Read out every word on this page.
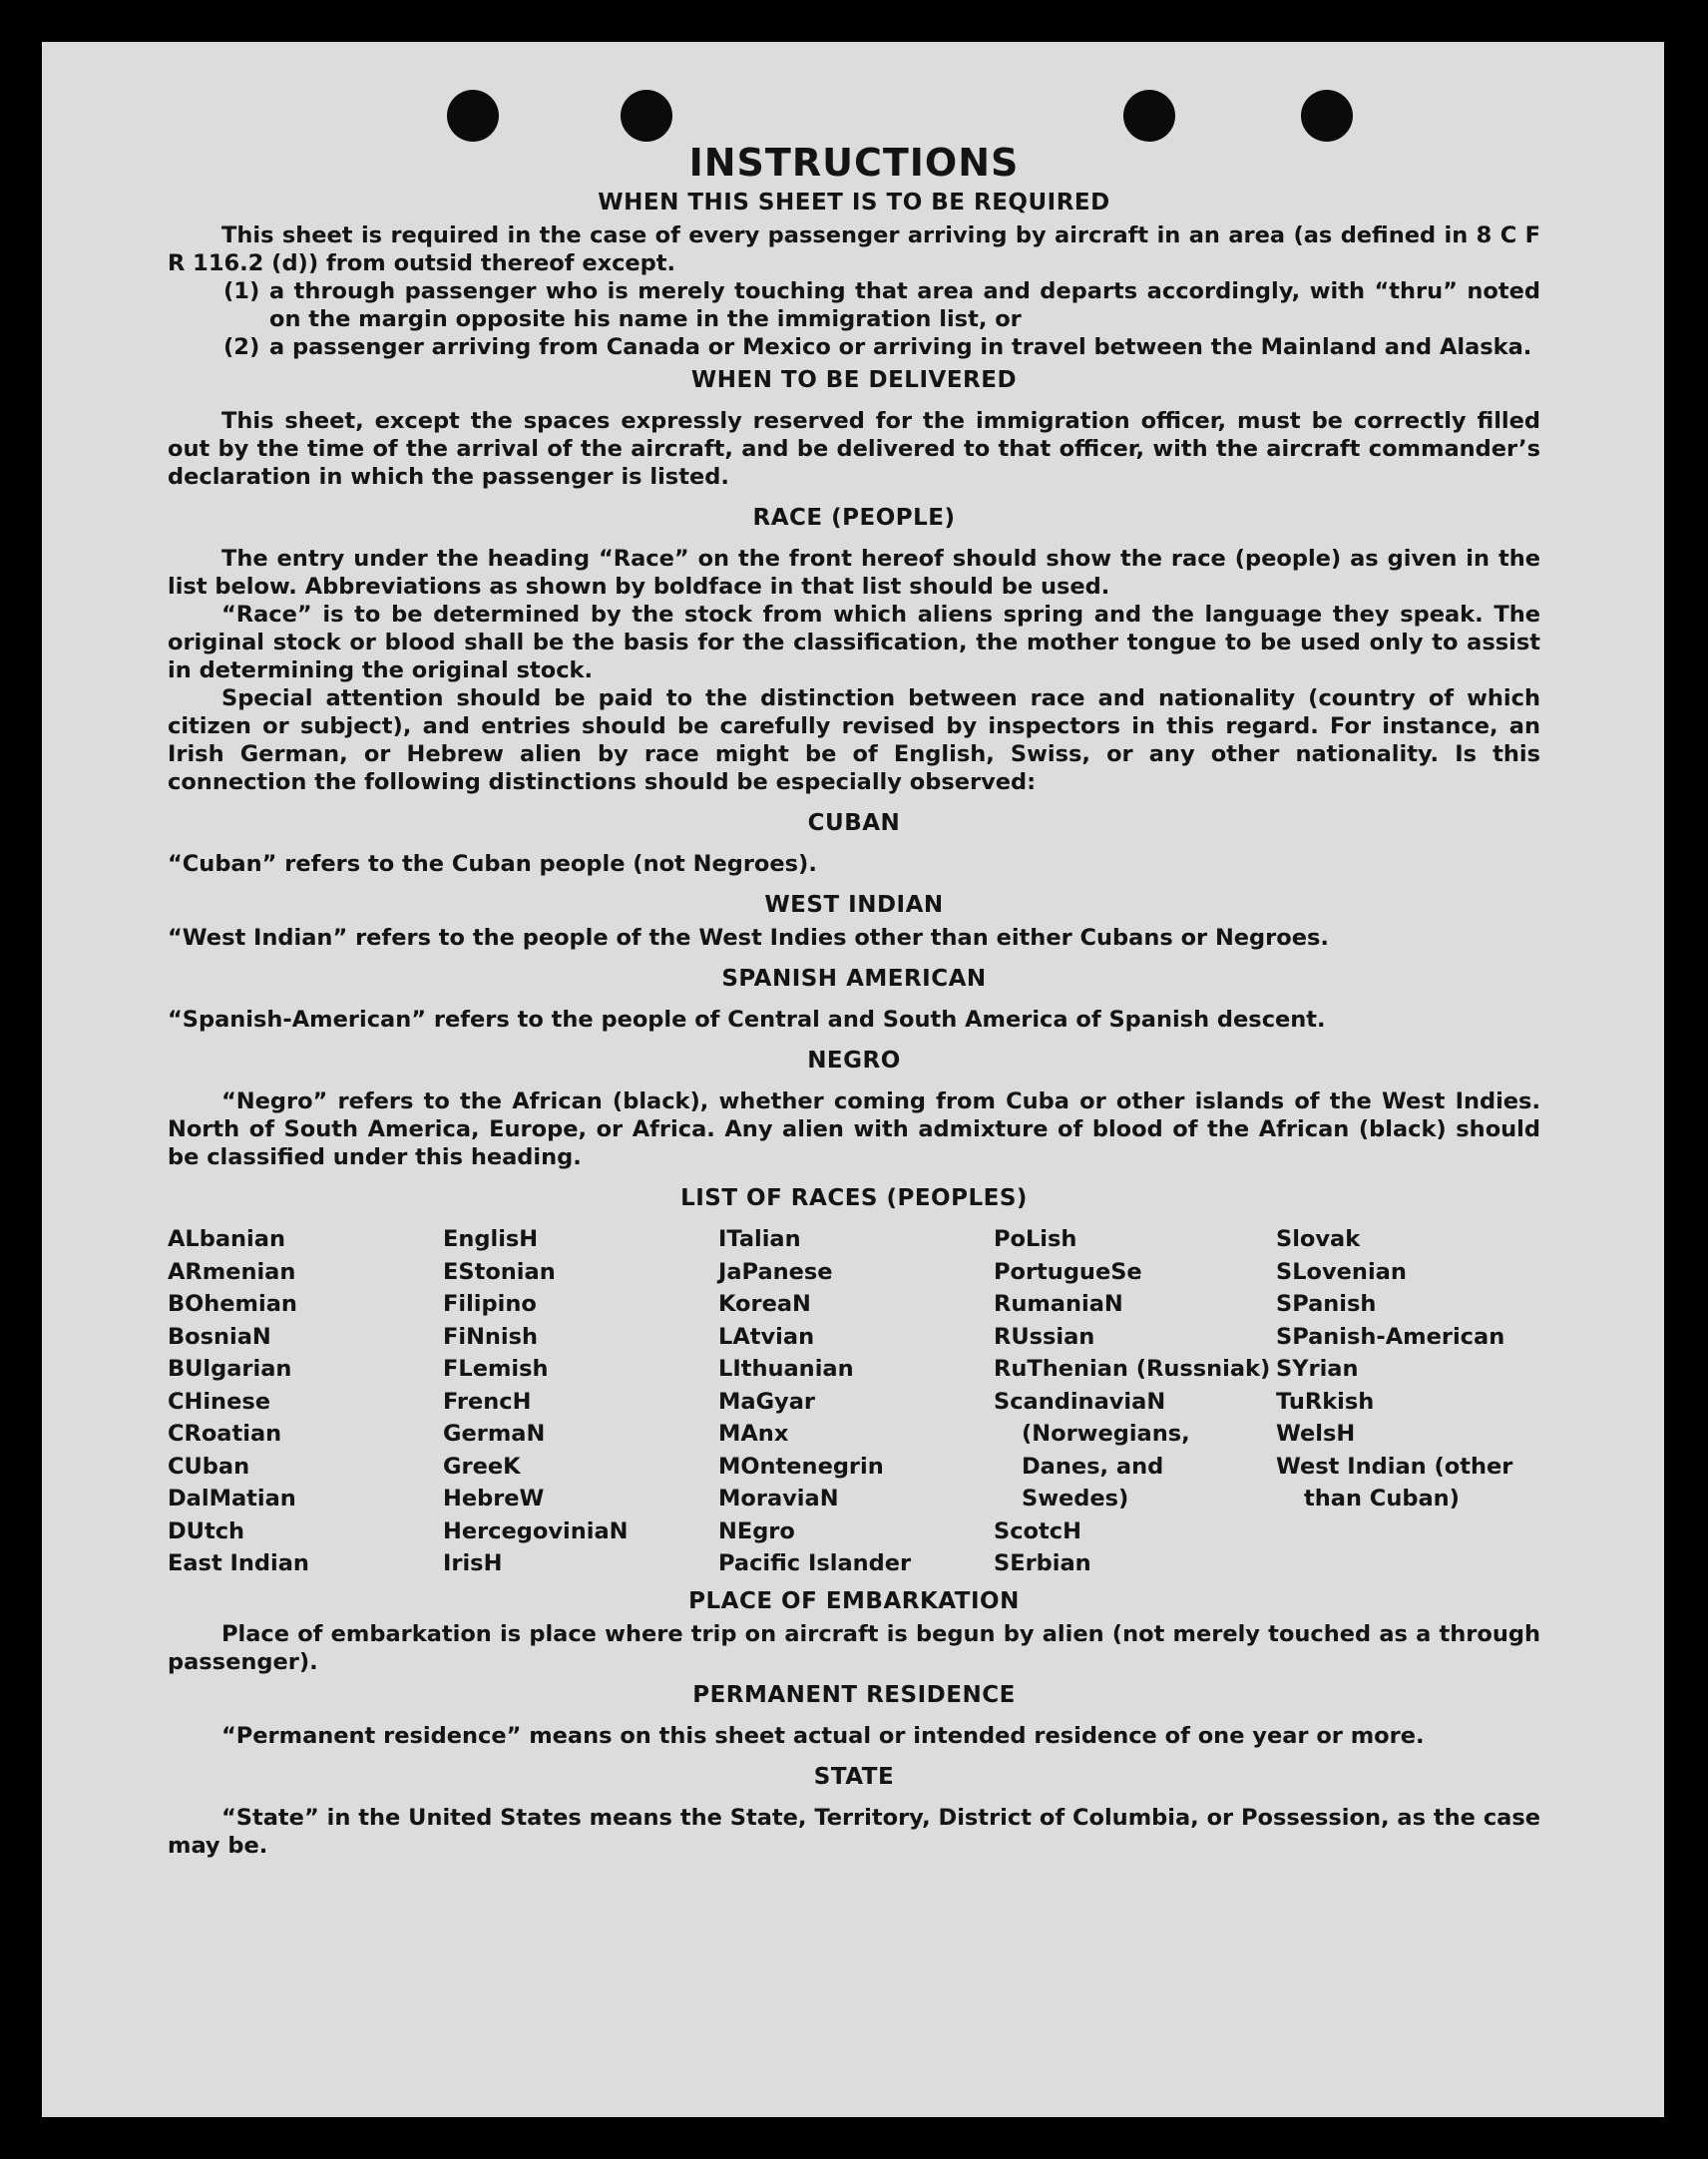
INSTRUCTIONS
WHEN THIS SHEET IS TO BE REQUIRED

This sheet is required in the case of every passenger arriving by aircraft in an area (as defined in 8 C F R 116.2 (d)) from outsid thereof except.

(1) a through passenger who is merely touching that area and departs accordingly, with “thru” noted on the margin opposite his name in the immigration list, or
(2) a passenger arriving from Canada or Mexico or arriving in travel between the Mainland and Alaska.
WHEN TO BE DELIVERED

This sheet, except the spaces expressly reserved for the immigration officer, must be correctly filled out by the time of the arrival of the aircraft, and be delivered to that officer, with the aircraft commander’s declaration in which the passenger is listed.

RACE (PEOPLE)

The entry under the heading “Race” on the front hereof should show the race (people) as given in the list below. Abbreviations as shown by boldface in that list should be used.

“Race” is to be determined by the stock from which aliens spring and the language they speak. The original stock or blood shall be the basis for the classification, the mother tongue to be used only to assist in determining the original stock.

Special attention should be paid to the distinction between race and nationality (country of which citizen or subject), and entries should be carefully revised by inspectors in this regard. For instance, an Irish German, or Hebrew alien by race might be of English, Swiss, or any other nationality. Is this connection the following distinctions should be especially observed:

CUBAN

“Cuban” refers to the Cuban people (not Negroes).

WEST INDIAN

“West Indian” refers to the people of the West Indies other than either Cubans or Negroes.

SPANISH AMERICAN

“Spanish-American” refers to the people of Central and South America of Spanish descent.

NEGRO

“Negro” refers to the African (black), whether coming from Cuba or other islands of the West Indies. North of South America, Europe, or Africa. Any alien with admixture of blood of the African (black) should be classified under this heading.

LIST OF RACES (PEOPLES)
ALbanian
ARmenian
BOhemian
BosniaN
BUlgarian
CHinese
CRoatian
CUban
DalMatian
DUtch
East Indian
EnglisH
EStonian
Filipino
FiNnish
FLemish
FrencH
GermaN
GreeK
HebreW
HercegoviniaN
IrisH
ITalian
JaPanese
KoreaN
LAtvian
LIthuanian
MaGyar
MAnx
MOntenegrin
MoraviaN
NEgro
Pacific Islander
PoLish
PortugueSe
RumaniaN
RUssian
RuThenian (Russniak)
ScandinaviaN (Norwegians, Danes, and Swedes)
ScotcH
SErbian
Slovak
SLovenian
SPanish
SPanish-American
SYrian
TuRkish
WelsH
West Indian (other than Cuban)
PLACE OF EMBARKATION

Place of embarkation is place where trip on aircraft is begun by alien (not merely touched as a through passenger).

PERMANENT RESIDENCE

“Permanent residence” means on this sheet actual or intended residence of one year or more.

STATE

“State” in the United States means the State, Territory, District of Columbia, or Possession, as the case may be.
